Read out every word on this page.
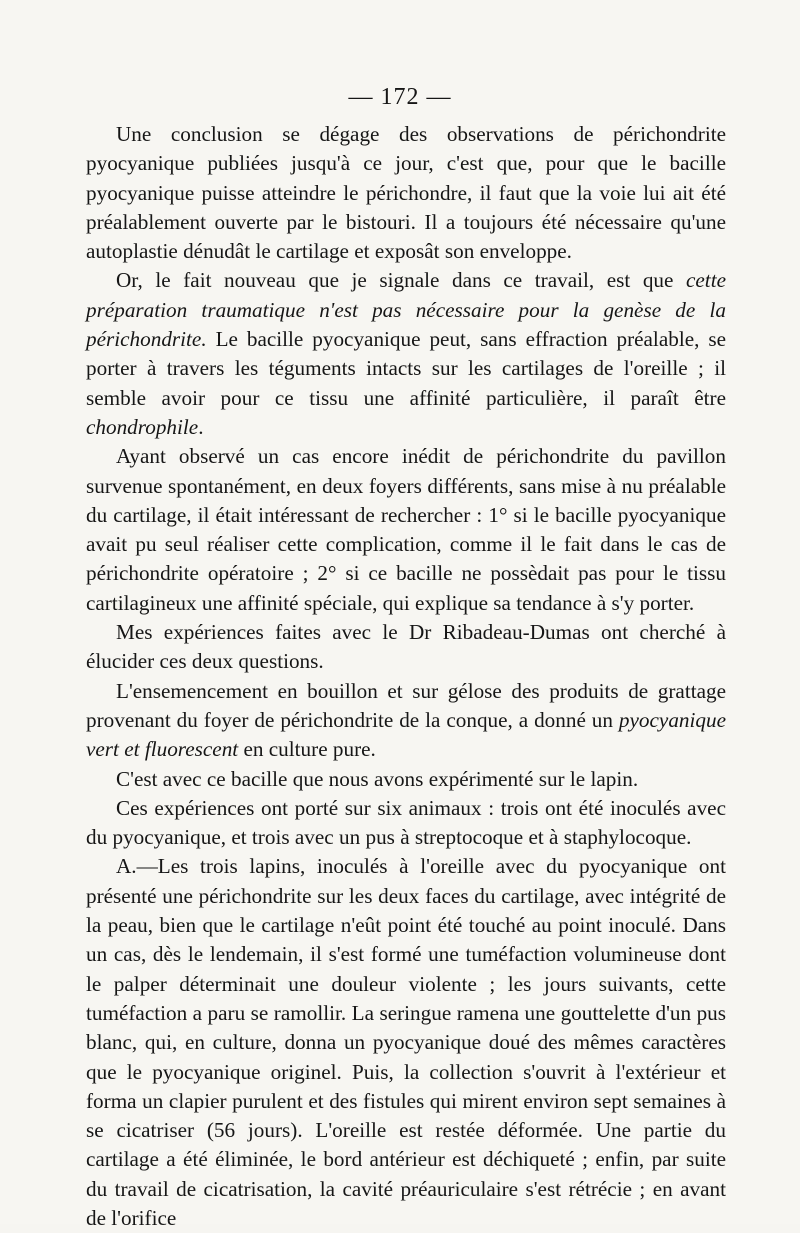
— 172 —

Une conclusion se dégage des observations de périchondrite pyocyanique publiées jusqu'à ce jour, c'est que, pour que le bacille pyocyanique puisse atteindre le périchondre, il faut que la voie lui ait été préalablement ouverte par le bistouri. Il a toujours été nécessaire qu'une autoplastie dénudât le cartilage et exposât son enveloppe.

Or, le fait nouveau que je signale dans ce travail, est que cette préparation traumatique n'est pas nécessaire pour la genèse de la périchondrite. Le bacille pyocyanique peut, sans effraction préalable, se porter à travers les téguments intacts sur les cartilages de l'oreille ; il semble avoir pour ce tissu une affinité particulière, il paraît être chondrophile.

Ayant observé un cas encore inédit de périchondrite du pavillon survenue spontanément, en deux foyers différents, sans mise à nu préalable du cartilage, il était intéressant de rechercher : 1° si le bacille pyocyanique avait pu seul réaliser cette complication, comme il le fait dans le cas de périchondrite opératoire ; 2° si ce bacille ne possèdait pas pour le tissu cartilagineux une affinité spéciale, qui explique sa tendance à s'y porter.

Mes expériences faites avec le Dr Ribadeau-Dumas ont cherché à élucider ces deux questions.

L'ensemencement en bouillon et sur gélose des produits de grattage provenant du foyer de périchondrite de la conque, a donné un pyocyanique vert et fluorescent en culture pure.

C'est avec ce bacille que nous avons expérimenté sur le lapin.

Ces expériences ont porté sur six animaux : trois ont été inoculés avec du pyocyanique, et trois avec un pus à streptocoque et à staphylocoque.

A.—Les trois lapins, inoculés à l'oreille avec du pyocyanique ont présenté une périchondrite sur les deux faces du cartilage, avec intégrité de la peau, bien que le cartilage n'eût point été touché au point inoculé. Dans un cas, dès le lendemain, il s'est formé une tuméfaction volumineuse dont le palper déterminait une douleur violente ; les jours suivants, cette tuméfaction a paru se ramollir. La seringue ramena une gouttelette d'un pus blanc, qui, en culture, donna un pyocyanique doué des mêmes caractères que le pyocyanique originel. Puis, la collection s'ouvrit à l'extérieur et forma un clapier purulent et des fistules qui mirent environ sept semaines à se cicatriser (56 jours). L'oreille est restée déformée. Une partie du cartilage a été éliminée, le bord antérieur est déchiqueté ; enfin, par suite du travail de cicatrisation, la cavité préauriculaire s'est rétrécie ; en avant de l'orifice
